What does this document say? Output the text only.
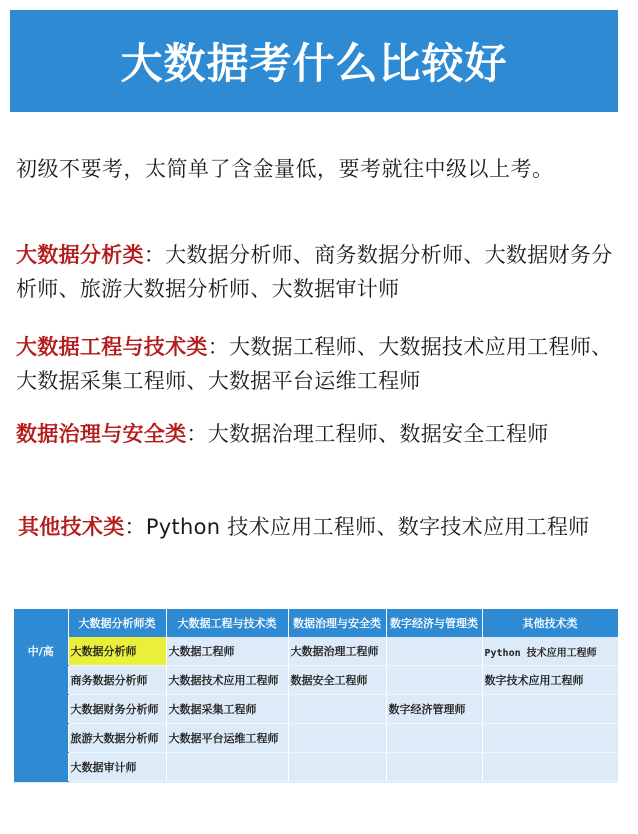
大数据考什么比较好
初级不要考，太简单了含金量低，要考就往中级以上考。
大数据分析类：大数据分析师、商务数据分析师、大数据财务分析师、旅游大数据分析师、大数据审计师
大数据工程与技术类：大数据工程师、大数据技术应用工程师、大数据采集工程师、大数据平台运维工程师
数据治理与安全类：大数据治理工程师、数据安全工程师
其他技术类：Python 技术应用工程师、数字技术应用工程师
	大数据分析师类	大数据工程与技术类	数据治理与安全类	数字经济与管理类	其他技术类
中/高	大数据分析师	大数据工程师	大数据治理工程师		Python 技术应用工程师
	商务数据分析师	大数据技术应用工程师	数据安全工程师		数字技术应用工程师
	大数据财务分析师	大数据采集工程师		数字经济管理师	
	旅游大数据分析师	大数据平台运维工程师			
	大数据审计师				
